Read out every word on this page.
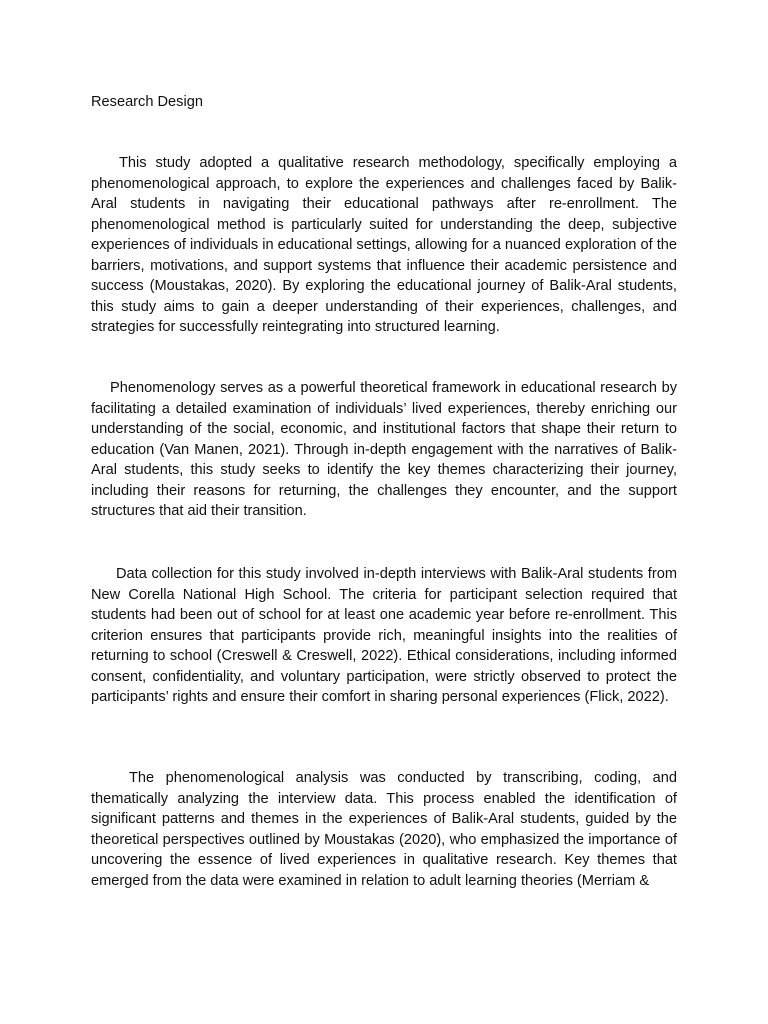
Research Design

This study adopted a qualitative research methodology, specifically employing a phenomenological approach, to explore the experiences and challenges faced by Balik-Aral students in navigating their educational pathways after re-enrollment. The phenomenological method is particularly suited for understanding the deep, subjective experiences of individuals in educational settings, allowing for a nuanced exploration of the barriers, motivations, and support systems that influence their academic persistence and success (Moustakas, 2020). By exploring the educational journey of Balik-Aral students, this study aims to gain a deeper understanding of their experiences, challenges, and strategies for successfully reintegrating into structured learning.

Phenomenology serves as a powerful theoretical framework in educational research by facilitating a detailed examination of individuals’ lived experiences, thereby enriching our understanding of the social, economic, and institutional factors that shape their return to education (Van Manen, 2021). Through in-depth engagement with the narratives of Balik-Aral students, this study seeks to identify the key themes characterizing their journey, including their reasons for returning, the challenges they encounter, and the support structures that aid their transition.

Data collection for this study involved in-depth interviews with Balik-Aral students from New Corella National High School. The criteria for participant selection required that students had been out of school for at least one academic year before re-enrollment. This criterion ensures that participants provide rich, meaningful insights into the realities of returning to school (Creswell & Creswell, 2022). Ethical considerations, including informed consent, confidentiality, and voluntary participation, were strictly observed to protect the participants’ rights and ensure their comfort in sharing personal experiences (Flick, 2022).

The phenomenological analysis was conducted by transcribing, coding, and thematically analyzing the interview data. This process enabled the identification of significant patterns and themes in the experiences of Balik-Aral students, guided by the theoretical perspectives outlined by Moustakas (2020), who emphasized the importance of uncovering the essence of lived experiences in qualitative research. Key themes that emerged from the data were examined in relation to adult learning theories (Merriam &
